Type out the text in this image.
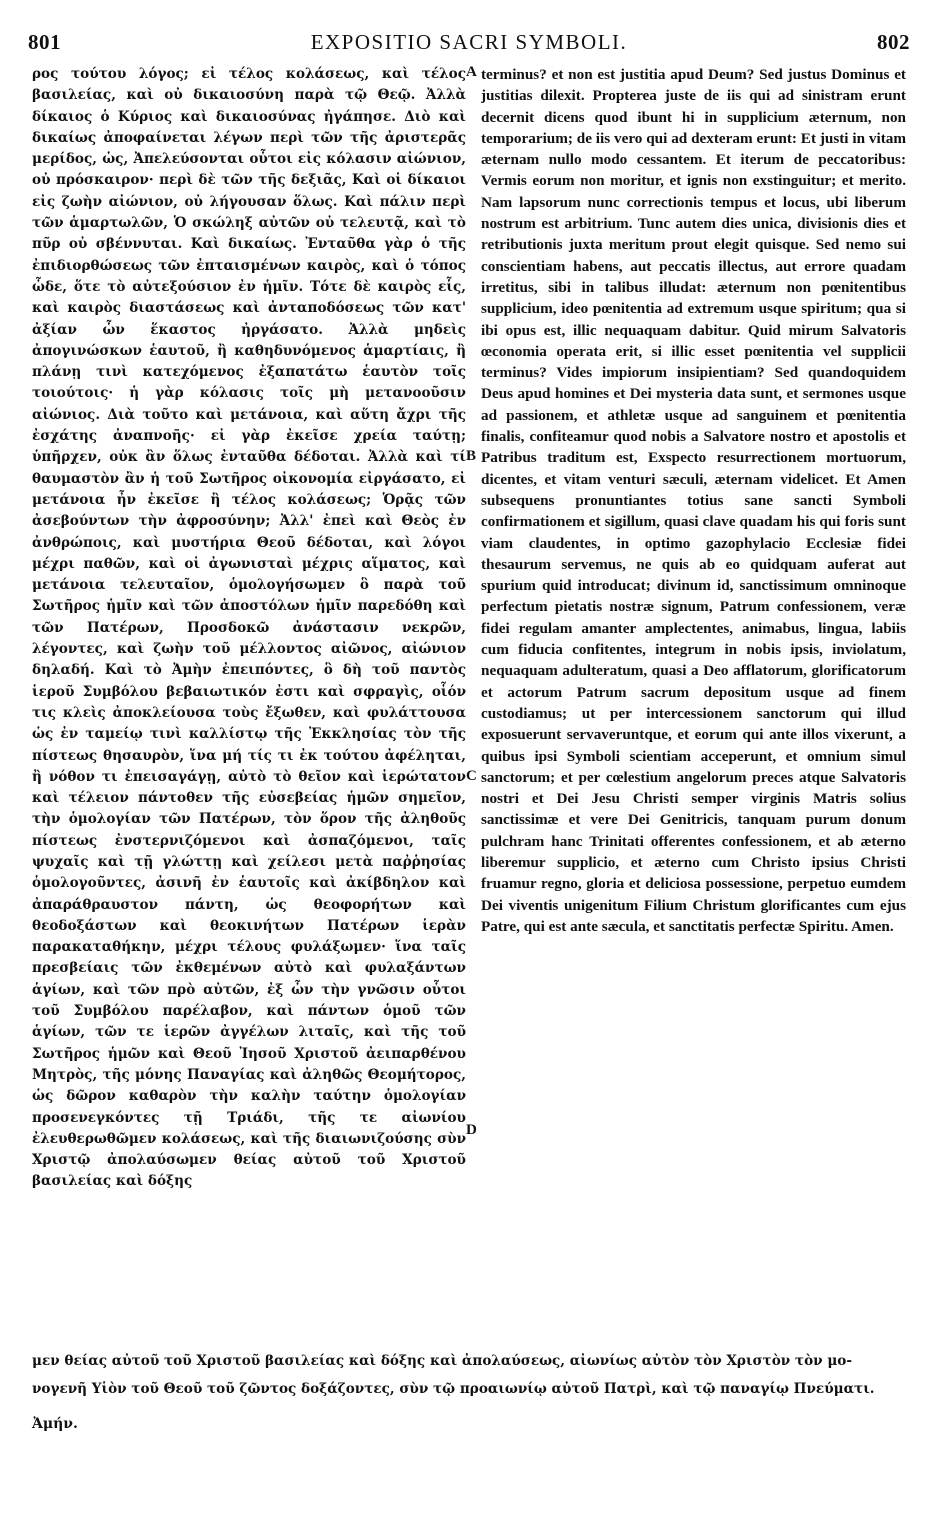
801	EXPOSITIO SACRI SYMBOLI.	802

ρος τούτου λόγος; εἰ τέλος κολάσεως, καὶ τέλος βασιλείας, καὶ οὐ δικαιοσύνη παρὰ τῷ Θεῷ. Ἀλλὰ δίκαιος ὁ Κύριος καὶ δικαιοσύνας ἠγάπησε. Διὸ καὶ δικαίως ἀποφαίνεται λέγων περὶ τῶν τῆς ἀριστερᾶς μερίδος, ὡς, Ἀπελεύσονται οὗτοι εἰς κόλασιν αἰώνιον, οὐ πρόσκαιρον· περὶ δὲ τῶν τῆς δεξιᾶς, Καὶ οἱ δίκαιοι εἰς ζωὴν αἰώνιον, οὐ λήγουσαν ὅλως. Καὶ πάλιν περὶ τῶν ἁμαρτωλῶν, Ὁ σκώληξ αὐτῶν οὐ τελευτᾷ, καὶ τὸ πῦρ οὐ σβέννυται. Καὶ δικαίως. Ἐνταῦθα γὰρ ὁ τῆς ἐπιδιορθώσεως τῶν ἐπταισμένων καιρὸς, καὶ ὁ τόπος ὧδε, ὅτε τὸ αὐτεξούσιον ἐν ἡμῖν. Τότε δὲ καιρὸς εἷς, καὶ καιρὸς διαστάσεως καὶ ἀνταποδόσεως τῶν κατ' ἀξίαν ὧν ἕκαστος ἠργάσατο. Ἀλλὰ μηδεὶς ἀπογινώσκων ἑαυτοῦ, ἢ καθηδυνόμενος ἁμαρτίαις, ἢ πλάνῃ τινὶ κατεχόμενος ἐξαπατάτω ἑαυτὸν τοῖς τοιούτοις· ἡ γὰρ κόλασις τοῖς μὴ μετανοοῦσιν αἰώνιος. Διὰ τοῦτο καὶ μετάνοια, καὶ αὕτη ἄχρι τῆς ἐσχάτης ἀναπνοῆς· εἰ γὰρ ἐκεῖσε χρεία ταύτῃ; ὑπῆρχεν, οὐκ ἂν ὅλως ἐνταῦθα δέδοται. Ἀλλὰ καὶ τί θαυμαστὸν ἂν ἡ τοῦ Σωτῆρος οἰκονομία εἰργάσατο, εἰ μετάνοια ἦν ἐκεῖσε ἢ τέλος κολάσεως; Ὁρᾷς τῶν ἀσεβούντων τὴν ἀφροσύνην; Ἀλλ' ἐπεὶ καὶ Θεὸς ἐν ἀνθρώποις, καὶ μυστήρια Θεοῦ δέδοται, καὶ λόγοι μέχρι παθῶν, καὶ οἱ ἀγωνισταὶ μέχρις αἵματος, καὶ μετάνοια τελευταῖον, ὁμολογήσωμεν ὃ παρὰ τοῦ Σωτῆρος ἡμῖν καὶ τῶν ἀποστόλων ἡμῖν παρεδόθη καὶ τῶν Πατέρων, Προσδοκῶ ἀνάστασιν νεκρῶν, λέγοντες, καὶ ζωὴν τοῦ μέλλοντος αἰῶνος, αἰώνιον δηλαδή. Καὶ τὸ Ἀμὴν ἐπειπόντες, ὃ δὴ τοῦ παντὸς ἱεροῦ Συμβόλου βεβαιωτικόν ἐστι καὶ σφραγὶς, οἷόν τις κλεὶς ἀποκλείουσα τοὺς ἔξωθεν, καὶ φυλάττουσα ὡς ἐν ταμείῳ τινὶ καλλίστῳ τῆς Ἐκκλησίας τὸν τῆς πίστεως θησαυρὸν, ἵνα μή τίς τι ἐκ τούτου ἀφέληται, ἢ νόθον τι ἐπεισαγάγῃ, αὐτὸ τὸ θεῖον καὶ ἱερώτατον καὶ τέλειον πάντοθεν τῆς εὐσεβείας ἡμῶν σημεῖον, τὴν ὁμολογίαν τῶν Πατέρων, τὸν ὅρον τῆς ἀληθοῦς πίστεως ἐνστερνιζόμενοι καὶ ἀσπαζόμενοι, ταῖς ψυχαῖς καὶ τῇ γλώττῃ καὶ χείλεσι μετὰ παῤῥησίας ὁμολογοῦντες, ἀσινῆ ἐν ἑαυτοῖς καὶ ἀκίβδηλον καὶ ἀπαράθραυστον πάντη, ὡς θεοφορήτων καὶ θεοδοξάστων καὶ θεοκινήτων Πατέρων ἱερὰν παρακαταθήκην, μέχρι τέλους φυλάξωμεν· ἵνα ταῖς πρεσβείαις τῶν ἐκθεμένων αὐτὸ καὶ φυλαξάντων ἁγίων, καὶ τῶν πρὸ αὐτῶν, ἐξ ὧν τὴν γνῶσιν οὗτοι τοῦ Συμβόλου παρέλαβον, καὶ πάντων ὁμοῦ τῶν ἁγίων, τῶν τε ἱερῶν ἀγγέλων λιταῖς, καὶ τῆς τοῦ Σωτῆρος ἡμῶν καὶ Θεοῦ Ἰησοῦ Χριστοῦ ἀειπαρθένου Μητρὸς, τῆς μόνης Παναγίας καὶ ἀληθῶς Θεομήτορος, ὡς δῶρον καθαρὸν τὴν καλὴν ταύτην ὁμολογίαν προσενεγκόντες τῇ Τριάδι, τῆς τε αἰωνίου ἐλευθερωθῶμεν κολάσεως, καὶ τῆς διαιωνιζούσης σὺν Χριστῷ ἀπολαύσωμεν θείας αὐτοῦ τοῦ Χριστοῦ βασιλείας καὶ δόξης

A
B
C
D

terminus? et non est justitia apud Deum? Sed justus Dominus et justitias dilexit. Propterea juste de iis qui ad sinistram erunt decernit dicens quod ibunt hi in supplicium æternum, non temporarium; de iis vero qui ad dexteram erunt: Et justi in vitam æternam nullo modo cessantem. Et iterum de peccatoribus: Vermis eorum non moritur, et ignis non exstinguitur; et merito. Nam lapsorum nunc correctionis tempus et locus, ubi liberum nostrum est arbitrium. Tunc autem dies unica, divisionis dies et retributionis juxta meritum prout elegit quisque. Sed nemo sui conscientiam habens, aut peccatis illectus, aut errore quadam irretitus, sibi in talibus illudat: æternum non pœnitentibus supplicium, ideo pœnitentia ad extremum usque spiritum; qua si ibi opus est, illic nequaquam dabitur. Quid mirum Salvatoris œconomia operata erit, si illic esset pœnitentia vel supplicii terminus? Vides impiorum insipientiam? Sed quandoquidem Deus apud homines et Dei mysteria data sunt, et sermones usque ad passionem, et athletæ usque ad sanguinem et pœnitentia finalis, confiteamur quod nobis a Salvatore nostro et apostolis et Patribus traditum est, Exspecto resurrectionem mortuorum, dicentes, et vitam venturi sæculi, æternam videlicet. Et Amen subsequens pronuntiantes totius sane sancti Symboli confirmationem et sigillum, quasi clave quadam his qui foris sunt viam claudentes, in optimo gazophylacio Ecclesiæ fidei thesaurum servemus, ne quis ab eo quidquam auferat aut spurium quid introducat; divinum id, sanctissimum omninoque perfectum pietatis nostræ signum, Patrum confessionem, veræ fidei regulam amanter amplectentes, animabus, lingua, labiis cum fiducia confitentes, integrum in nobis ipsis, inviolatum, nequaquam adulteratum, quasi a Deo afflatorum, glorificatorum et actorum Patrum sacrum depositum usque ad finem custodiamus; ut per intercessionem sanctorum qui illud exposuerunt servaveruntque, et eorum qui ante illos vixerunt, a quibus ipsi Symboli scientiam acceperunt, et omnium simul sanctorum; et per cœlestium angelorum preces atque Salvatoris nostri et Dei Jesu Christi semper virginis Matris solius sanctissimæ et vere Dei Genitricis, tanquam purum donum pulchram hanc Trinitati offerentes confessionem, et ab æterno liberemur supplicio, et æterno cum Christo ipsius Christi fruamur regno, gloria et deliciosa possessione, perpetuo eumdem Dei viventis unigenitum Filium Christum glorificantes cum ejus Patre, qui est ante sæcula, et sanctitatis perfectæ Spiritu. Amen.

μεν θείας αὐτοῦ τοῦ Χριστοῦ βασιλείας καὶ δόξης καὶ ἀπολαύσεως, αἰωνίως αὐτὸν τὸν Χριστὸν τὸν μο-
νογενῆ Υἱὸν τοῦ Θεοῦ τοῦ ζῶντος δοξάζοντες, σὺν τῷ προαιωνίῳ αὐτοῦ Πατρὶ, καὶ τῷ παναγίῳ Πνεύματι.
Ἀμήν.
